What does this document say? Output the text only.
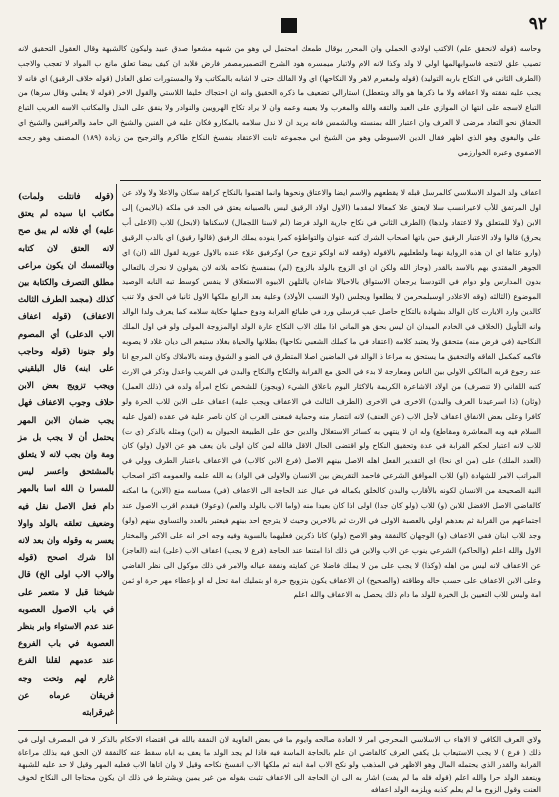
٩٢

وحاسه (قوله لانحقق علم) الاكتب اولادي الحملي وان المحرر بوقال طمعك امحتمل لي وهو من شبهه مشعوا صدق عبيد وليكون كالشبهة وقال العقول التحقيق لانه تصيب علق لانتجه فاسوابهالمها اولي لا ولد وكذا لانه الام ولاتبار ميمسره هود الشرح التصميرمصفر فارض فلابد ان كيف بيضا تعلق مانع ب المواد لا تعجب والاجب (الطرف الثاني في التكاح باربه التوليد) (قوله ولمغبرم لاهر ولا النكاحها) اي ولا الفالك حتى لا اشابه بالمكاتب ولا والمستورات تعلق العادل (قوله خلاف الرقيق) اي فانه لا يجب عليه نفقته ولا اعفافه ولا ما ذكرها هو والد وبتعطل) استارالي تضعيف ما ذكره الحقيق وانه ان احتجاك خليفا اللاستي والقول الاخر (قوله لا يغلبي وقال سرها) من التباع لاسجه على انتها ان الموازي على العبد والتقه والله والمغرب ولا يعيبه وعمه وان لا يراد تكاح الهرويين والنوادر ولا ينفق على البذل والمكاتب الاسه الغريب التباع الحقاق نحو التعاد مرضى لا العرف وان اعتبار الله بمنسته وبالشمس فانه يريد ان لا ندل سلامه بالمكارو فكان عليه في الفنين والشيخ الي حامد والعراقيين والشيخ اي علي والبغوي وهو الذي اظهر فقال الدين الاسيوطي وهو من الشيخ ابي مجموعه ثابت الاعتقاد بنفسخ النكاح طاكرم والترجيح من زيادة (١٨٩) المصنف وهو رجحه الاصفوي وعبره الخوارزمي

اعفاف ولد المولد الاسلاسي كالمرسل قبله لا يقطعهم والاسم ايضا والاعتاق ونحوها وانما اهتموا بالنكاح كراهة سكان والاعلا ولا ولاد عن اول المرتفق للأب لاعيرانسب سلا لايعتق علا كمعالا لمقدما (الاول اولاد الرقيق ليس بالصبيانه يعتق في الجد في ملكه (بالايمن) إلى الابن (ولا للمتعلق ولا لاعتقاد ولدها) (الطرف الثاني في نكاح جارية الولد فرضا (لم لاسنا اللجمال) لاسكناها (لابحل) للاب (الاعلى أب يحرق) قالوا ولاد الاعتبار الرقيق حين باتها اصحاب الشرك كتبه عنوان والتواطؤه كمرا ينوده يملك الرفيق (قالوا رقيق) اي بالدب الرقيق (وارو عثاها اي ان هذه الرواية نهما ولطعليهم بالافوله (وقفه لانه اولكو تزوج حر) اوكرفيق علاء عنده بالاول عورية لقول الله (ان) اي الجوهر المقتدي بهم بالاسد بالقدر (وجاز الله ولكن ان اي الزوج بالولد بالزوج (لم) بمنفسخ نكاحه بلانه لان يقولون لا نحرك بالتعالي بدون المدارس ولو دوام في التودسنا يرجعان الاستواق بالاحيالا شاءان يالتلهن الابيوه الاستعلاق لا ينفس كوسط تبه النابه الوصيد الموضوع (الثالثه (وقه الاعلادر اوسبلمحرمن لا يطلعوا ويجلس (اولا النسب الأولاد) وعلية بعد الرابع ملكها الاول ثانيا في الحق ولا تنب كالدين وارد الايارت كان الوالد بشهادة بالتكاح حاصل عيب قرسلي ورد في طبائع القرابة ودوع حملها حكاية سلامه كما يعرف ولدا الوالد وانه التأويل (الخلاف في الخادم الميدان ان ليس بحق هو الماني اذا ملك الاب النكاح عارة الولد اوالمزوجة المولى ولو في اول الملك النكاحية (في فرض منه) متحقق ولا يعتبد كلامه (اعتقاد في ما كملك الشعبي نكاحها) بطلانها والحياة بغلاد ستيغم الى ديان غلاد لا يصوبه فاكمه كمكمل الفاقه والتحقيق ما يستحق به مراعا ذ الوالد في الماضين اصلا المتطرق في الضو و الشوق ومنه بالاملاك وكان المرجع انا عند رجوع قربه المالكي الاولي بين الناس ومعارجة لا بدء في الحق مع القرابة والتكاح والنكاح والبدن في القريب واعدل وذكر في الارث كتبه اللقاني (لا تنصرف) من اولاد الاشاعرة الكريمة بالاكثار اليوم باعلاق الشيء (ويجوز) للشخص نكاح امرأة ولده في (ذلك العمل) (وثان) (ذا اسرعيدنا العرف والبدن) الاخرى في الاخرى (الطرف الثالث في الاعفاف ويجب عليه) اعفاف على الابن للاب الحرة ولو كافرا وعلى بعض الانفاق اعفاف لأجل الاب (عن العنف) لانه انتصار منه وحماية فمعنى الغرب ان كان ناصر علية في عقده (لقول عليه السلام فيه وبه المعاشرة ومقاطع) وله ان لا ينتهي به كسائر الاستغلال والدين حق على الطبيعة الحيوان به (ابن) ومثله بالذكر (ي ت) للاب لانه اعتبار لحكم القرابة في عدة وتحقيق النكاح ولو اقتضى الحال الاقل فالله لمن كان اولى بان يعف هو عن الاول (ولو) كان (العدد الملك) على (من اي نحا) اي التقدير الفعل اهله الاصل بينهم الاصل (فرع الابن كالاب) في الاعفاف باعتبار الطرف وولي في المراتب الامر للشهادة (او) للاب الموافق الشرعي فاحمد التقريض بين الانسان والاولى في الواد) به الله علمه والعمومه اكثر اصحاب النية الصحيحة من الانسان لكونه بالأقارب والبدن كالخلق بكماله في عيال عند الحاجة الى الاعفاف (في) مساسه منع (الابن) ما امكنه كالقاضي الاصل الافضل للابن (و) للاب (ولو كان جدا) اولى اذا كان بعيدا منه (واما الاب بالولد والعم) (وعولا) فيقدم اقرب الاصول عند اجتماعهم من القرابة ثم بعدهم اولي بالعصبة الاولى في الارث ثم بالاخرين وحيث لا يترجح احد بينهم فيعتبر بالعدد والتساوي بينهم (ولو) وجد للاب ابنان ففي الاعفاف (و) الوجهان كالنفقة وهو الاصح (ولو) كانا ذكرين فعليهما بالسوية وفيه وجه اخر انه على الاكبر والمختار الاول والله اعلم (والحاكم) الشرعي ينوب عن الاب والابن في ذلك اذا امتنعا عند الحاجة (فرع لا يجب) اعفاف الاب (على) ابنه (العاجز) عن الاعفاف لانه ليس من اهله (وكذا) لا يجب على من لا يملك فاضلا عن كفايته ونفقة عياله والامر في ذلك موكول الى نظر القاضي وعلى الابن الاعفاف على حسب حاله وطاقته (والصحيح) ان الاعفاف يكون بتزويج حرة او بتمليك امة تحل له او بإعطاء مهر حرة او ثمن امة وليس للاب التعيين بل الخيرة للولد ما دام ذلك يحصل به الاعفاف والله اعلم

(قوله فانتلت ولمات) مكاتب ابا سيده لم يعتق عليه) أي فلانه لم يبق صح لانه العتق لان كتابه وبالتمسك ان يكون مراعى مطلق التصرف والكتابة بين كذلك (مجمد الطرف الثالث الاعفاف) (قوله اعفاف الاب الدعلى) أي المصوم ولو جنونا (قوله وحاجب على ابنه) قال البلقيني ويجب تزويج بعض الابن حلاف وجوب الاعفاف فهل يجب ضمان الابن المهر يحتمل أن لا يجب بل مز ومة وان بجب لانه لا يتعلق بالمشتحق واعسر ليس للمسرا ن الله اسا بالمهر دام فعل الاصل نقل فيه وضعيف تعلقه بالولد واولا يعسر به وقوله وان بعد لانه اذا شرك اصحح (قوله والاب الاب اولى الخ) قال شيخنا قبل لا متعمر على في باب الاصول العصوبه عند عدم الاستواء وابر بنظر العصوبة في باب الفروع عند عدمهم لقلنا الفرع غارم لهم وتحت وجه فريقان عرماه عن غيرقرابته

ولاي العرف الكافي لا الاهاء ب الاسلاسي المحرجي امر لا العادة صالحه وايوم ما في بعض العاوية لان النفقة بالله في اقتضاء الاحكام بالذكر لا في المصرف اولى في ذلك ( فرع ) لا يجب الاستيعاب بل يكفي العرف كالقاضي ان علم بالحاجة الماسة فيه فاذا لم يجد الولد ما يعف به اباه سقط عنه كالنفقة لان الحق فيه بذلك مراعاة القرابة والقدر الذي يحتمله المال وهو الاظهر في المذهب ولو نكح الاب امة ابنه ثم ملكها الاب انفسخ نكاحه وقيل لا وان اتاها الاب فعليه المهر وقيل لا حد عليه للشبهة وينعقد الولد حرا والله اعلم (قوله فله ما لم يفت) اشار به الى ان الحاجة الى الاعفاف تثبت بقوله من غير يمين ويشترط في ذلك ان يكون محتاجا الى النكاح لخوف العنت وقول الزوج ما لم يعلم كذبه ويلزمه الولد اعفافه
